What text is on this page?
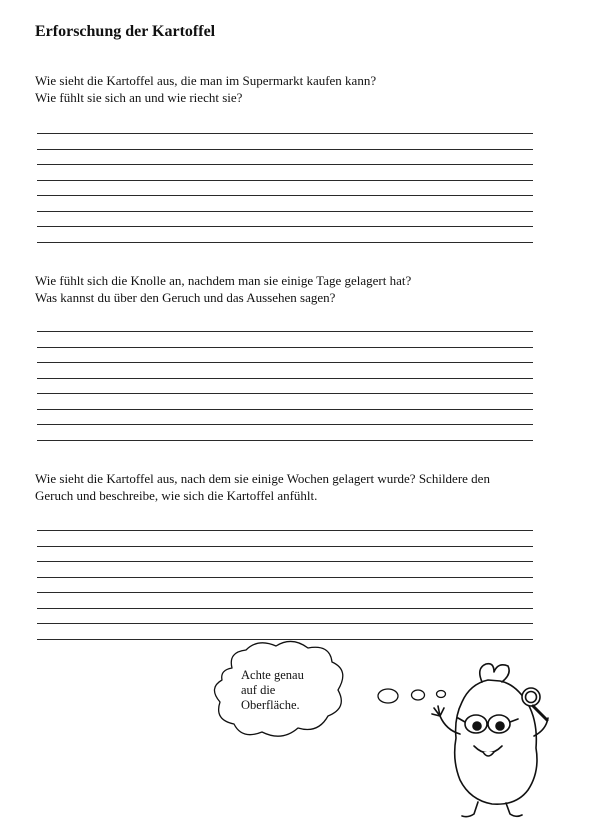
Erforschung der Kartoffel
Wie sieht die Kartoffel aus, die man im Supermarkt kaufen kann?
Wie fühlt sie sich an und wie riecht sie?
Wie fühlt sich die Knolle an, nachdem man sie einige Tage gelagert hat?
Was kannst du über den Geruch und das Aussehen sagen?
Wie sieht die Kartoffel aus, nach dem sie einige Wochen gelagert wurde? Schildere den
Geruch und beschreibe, wie sich die Kartoffel anfühlt.
Achte genau
auf die
Oberfläche.
